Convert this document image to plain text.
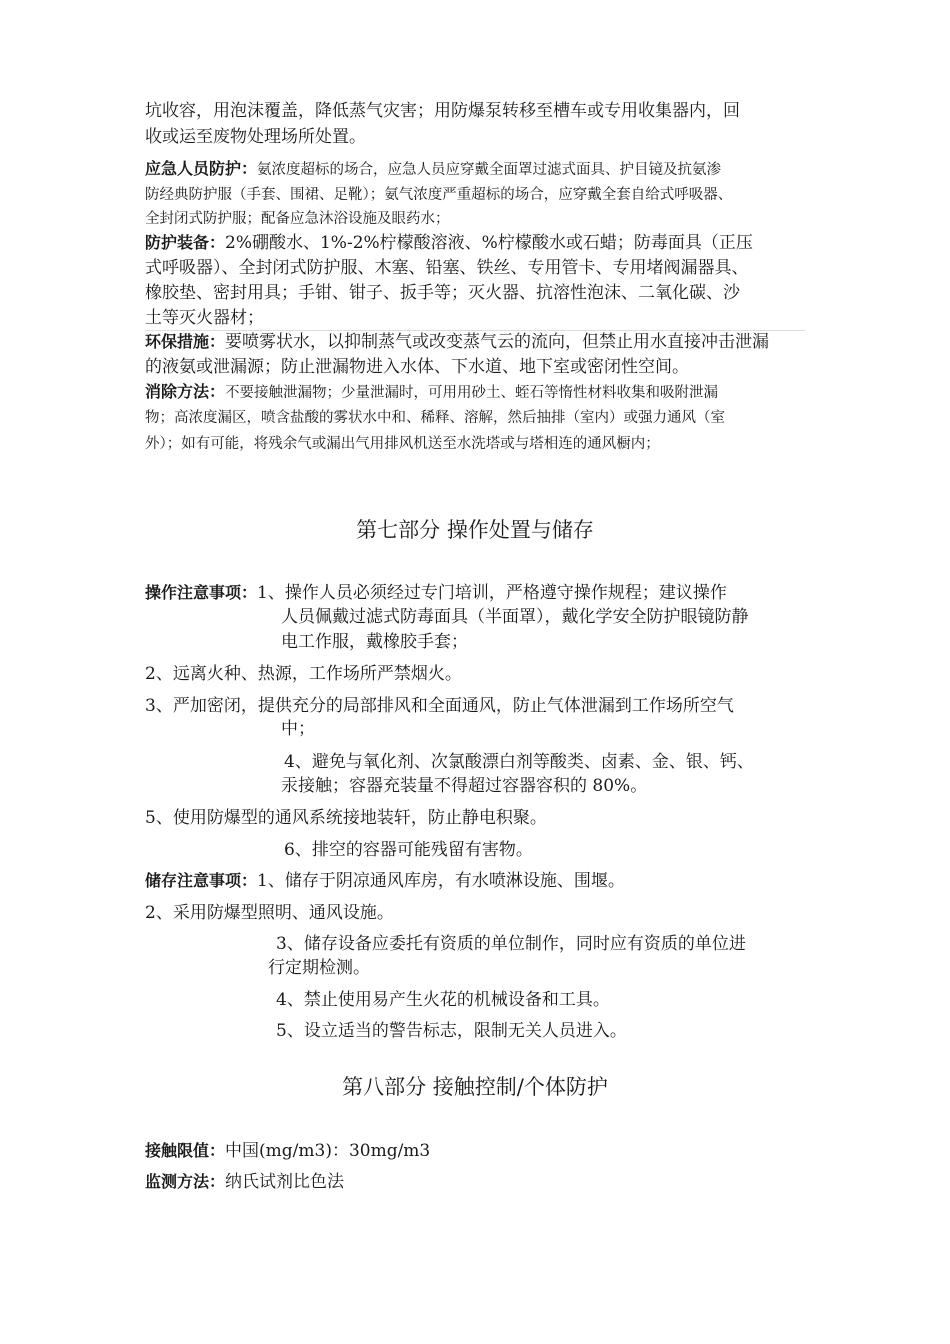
坑收容，用泡沫覆盖，降低蒸气灾害；用防爆泵转移至槽车或专用收集器内，回
收或运至废物处理场所处置。
应急人员防护：氨浓度超标的场合，应急人员应穿戴全面罩过滤式面具、护目镜及抗氨渗
防经典防护服（手套、围裙、足靴）；氨气浓度严重超标的场合，应穿戴全套自给式呼吸器、
全封闭式防护服；配备应急沐浴设施及眼药水；
防护装备：2%硼酸水、1%-2%柠檬酸溶液、%柠檬酸水或石蜡；防毒面具（正压
式呼吸器）、全封闭式防护服、木塞、铅塞、铁丝、专用管卡、专用堵阀漏器具、
橡胶垫、密封用具；手钳、钳子、扳手等；灭火器、抗溶性泡沫、二氧化碳、沙
土等灭火器材；
环保措施：要喷雾状水，以抑制蒸气或改变蒸气云的流向，但禁止用水直接冲击泄漏
的液氨或泄漏源；防止泄漏物进入水体、下水道、地下室或密闭性空间。
消除方法：不要接触泄漏物；少量泄漏时，可用用砂土、蛭石等惰性材料收集和吸附泄漏
物；高浓度漏区，喷含盐酸的雾状水中和、稀释、溶解，然后抽排（室内）或强力通风（室
外）；如有可能，将残余气或漏出气用排风机送至水洗塔或与塔相连的通风橱内；
第七部分 操作处置与储存
操作注意事项：1、操作人员必须经过专门培训，严格遵守操作规程；建议操作
人员佩戴过滤式防毒面具（半面罩），戴化学安全防护眼镜防静
电工作服，戴橡胶手套；
2、远离火种、热源，工作场所严禁烟火。
3、严加密闭，提供充分的局部排风和全面通风，防止气体泄漏到工作场所空气
中；
4、避免与氧化剂、次氯酸漂白剂等酸类、卤素、金、银、钙、
汞接触；容器充装量不得超过容器容积的 80%。
5、使用防爆型的通风系统接地装轩，防止静电积聚。
6、排空的容器可能残留有害物。
储存注意事项：1、储存于阴凉通风库房，有水喷淋设施、围堰。
2、采用防爆型照明、通风设施。
3、储存设备应委托有资质的单位制作，同时应有资质的单位进
行定期检测。
4、禁止使用易产生火花的机械设备和工具。
5、设立适当的警告标志，限制无关人员进入。
第八部分 接触控制/个体防护
接触限值：中国(mg/m3)：30mg/m3
监测方法：纳氏试剂比色法
